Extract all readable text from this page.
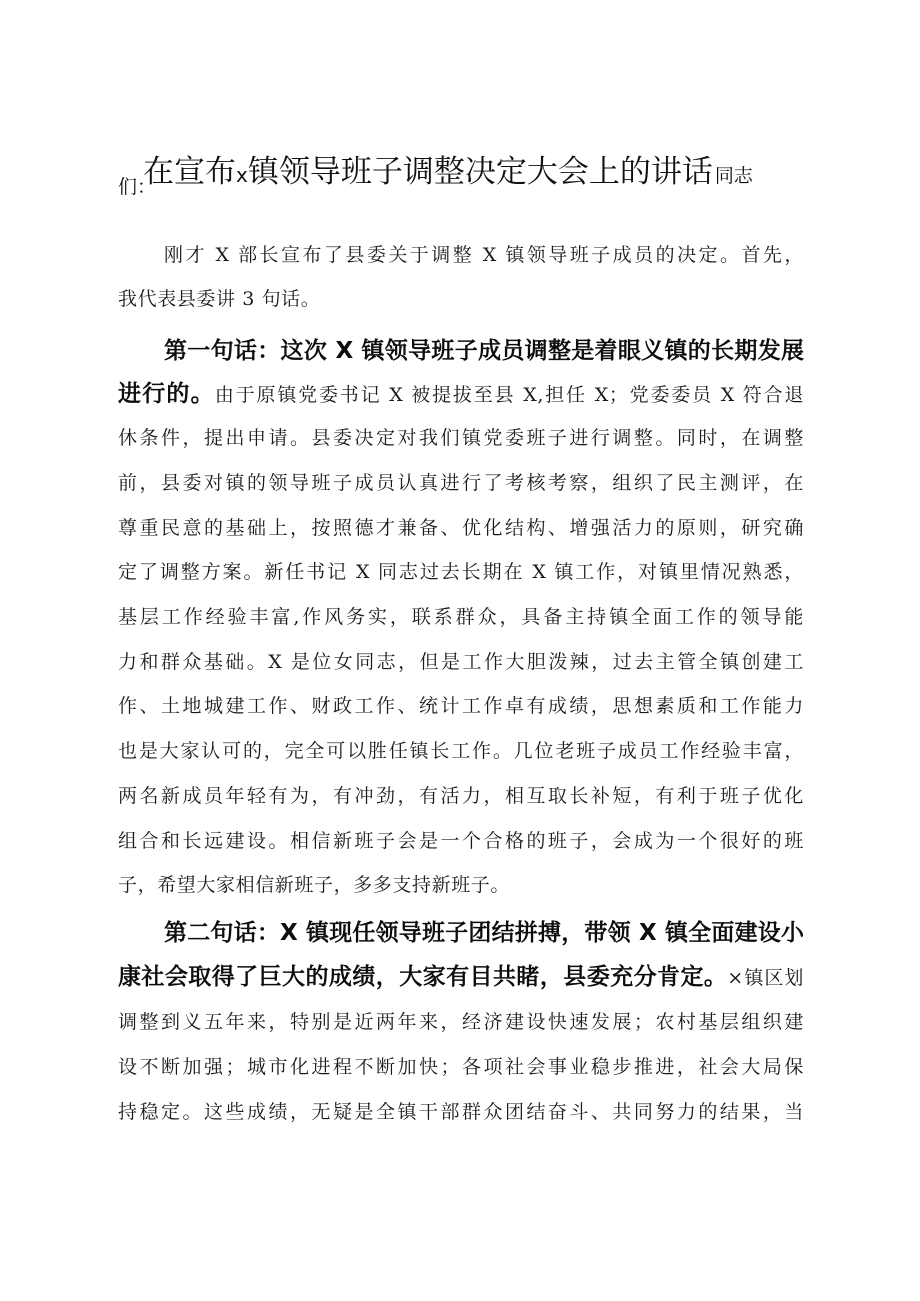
在宣布x镇领导班子调整决定大会上的讲话 同志
们：
刚才 X 部长宣布了县委关于调整 X 镇领导班子成员的决定。首先，
我代表县委讲 3 句话。
第一句话：这次 X 镇领导班子成员调整是着眼义镇的长期发展
进行的。由于原镇党委书记 X 被提拔至县 X,担任 X；党委委员 X 符合退
休条件，提出申请。县委决定对我们镇党委班子进行调整。同时，在调整
前，县委对镇的领导班子成员认真进行了考核考察，组织了民主测评，在
尊重民意的基础上，按照德才兼备、优化结构、增强活力的原则，研究确
定了调整方案。新任书记 X 同志过去长期在 X 镇工作，对镇里情况熟悉，
基层工作经验丰富,作风务实，联系群众，具备主持镇全面工作的领导能
力和群众基础。X 是位女同志，但是工作大胆泼辣，过去主管全镇创建工
作、土地城建工作、财政工作、统计工作卓有成绩，思想素质和工作能力
也是大家认可的，完全可以胜任镇长工作。几位老班子成员工作经验丰富，
两名新成员年轻有为，有冲劲，有活力，相互取长补短，有利于班子优化
组合和长远建设。相信新班子会是一个合格的班子，会成为一个很好的班
子，希望大家相信新班子，多多支持新班子。
第二句话：X 镇现任领导班子团结拼搏，带领 X 镇全面建设小
康社会取得了巨大的成绩，大家有目共睹，县委充分肯定。×镇区划
调整到义五年来，特别是近两年来，经济建设快速发展；农村基层组织建
设不断加强；城市化进程不断加快；各项社会事业稳步推进，社会大局保
持稳定。这些成绩，无疑是全镇干部群众团结奋斗、共同努力的结果，当
